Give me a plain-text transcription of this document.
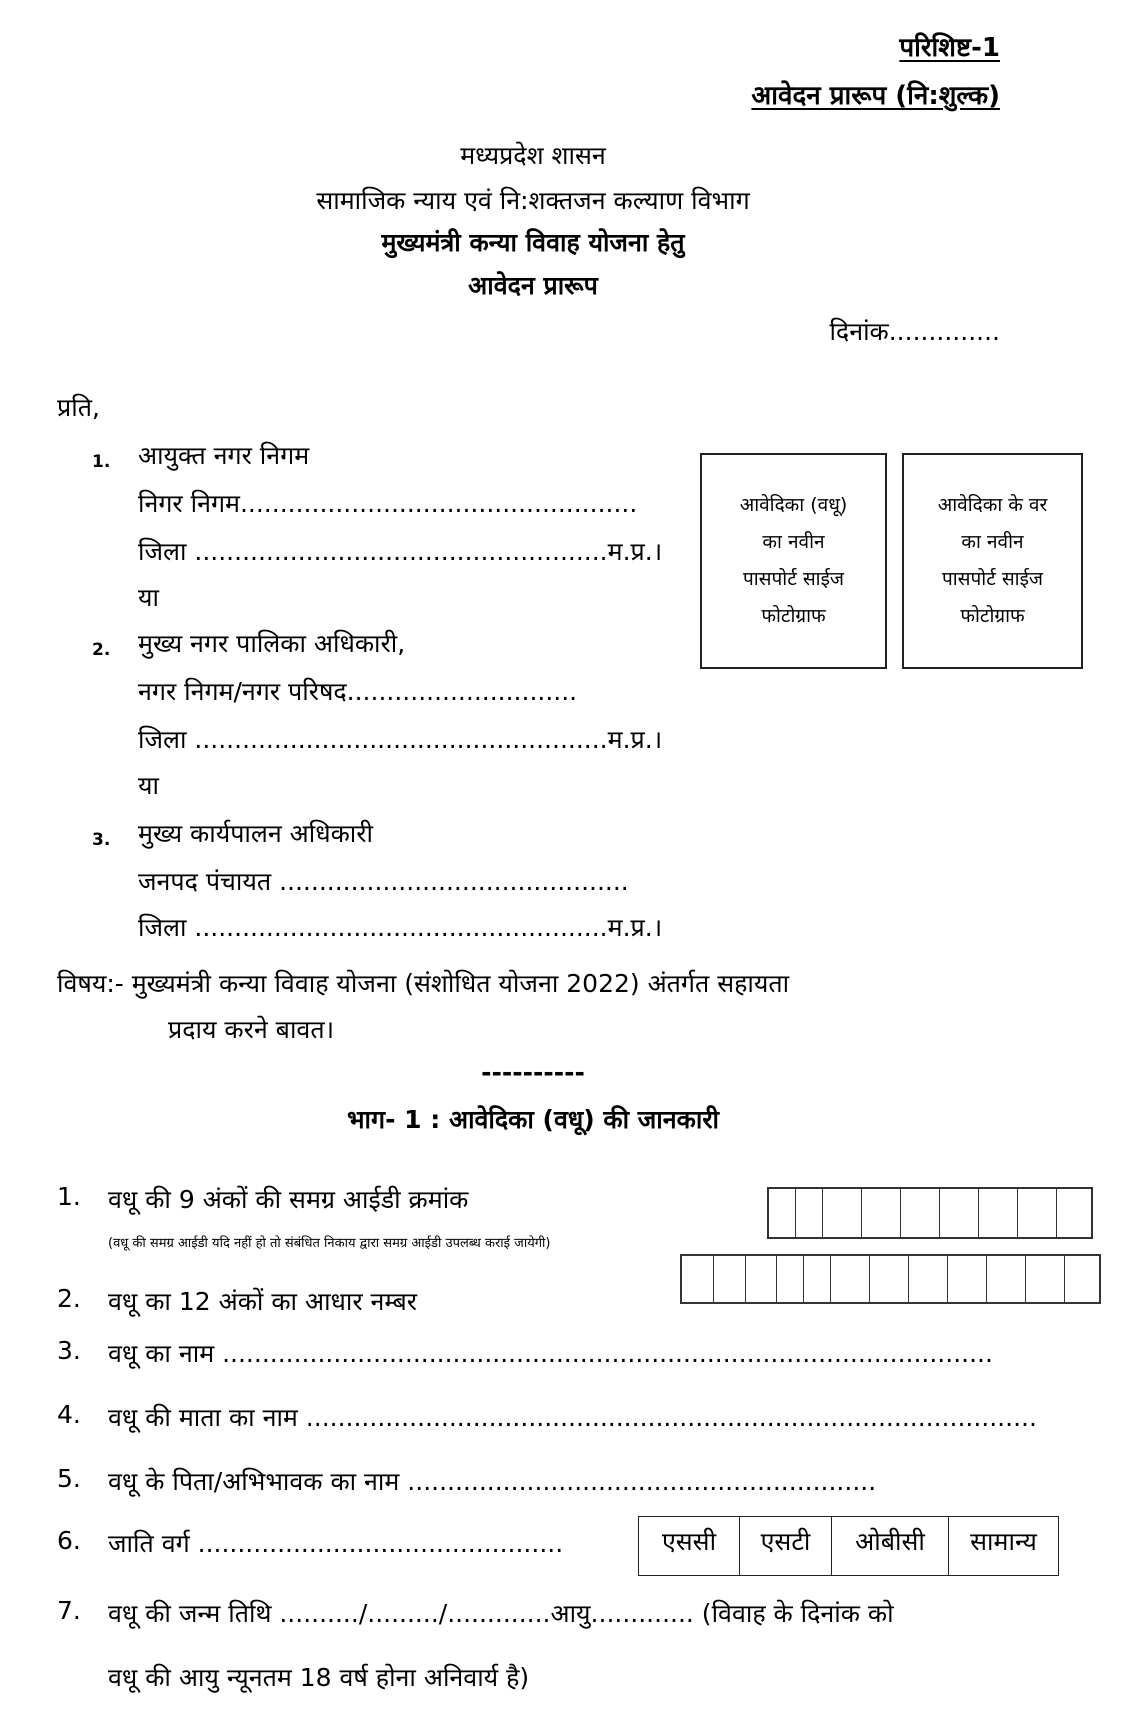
परिशिष्ट-1
आवेदन प्रारूप (नि:शुल्क)
मध्यप्रदेश शासन
सामाजिक न्याय एवं नि:शक्तजन कल्याण विभाग
मुख्यमंत्री कन्या विवाह योजना हेतु
आवेदन प्रारूप
दिनांक..............
प्रति,
1. आयुक्त नगर निगम
निगर निगम..................................................
जिला ....................................................म.प्र.।
या
2. मुख्य नगर पालिका अधिकारी,
नगर निगम/नगर परिषद.............................
जिला ....................................................म.प्र.।
या
3. मुख्य कार्यपालन अधिकारी
जनपद पंचायत ............................................
जिला ....................................................म.प्र.।
आवेदिका (वधू)
का नवीन
पासपोर्ट साईज
फोटोग्राफ
आवेदिका के वर
का नवीन
पासपोर्ट साईज
फोटोग्राफ
विषय:- मुख्यमंत्री कन्या विवाह योजना (संशोधित योजना 2022) अंतर्गत सहायता
प्रदाय करने बावत।
----------
भाग- 1 : आवेदिका (वधू) की जानकारी
1. वधू की 9 अंकों की समग्र आईडी क्रमांक
(वधू की समग्र आईडी यदि नहीं हो तो संबंधित निकाय द्वारा समग्र आईडी उपलब्ध कराई जायेगी)
2. वधू का 12 अंकों का आधार नम्बर
3. वधू का नाम .................................................................................................
4. वधू की माता का नाम ............................................................................................
5. वधू के पिता/अभिभावक का नाम ...........................................................
6. जाति वर्ग ..............................................	एससी	एसटी	ओबीसी	सामान्य
7. वधू की जन्म तिथि ........../........./.............आयु............. (विवाह के दिनांक को
वधू की आयु न्यूनतम 18 वर्ष होना अनिवार्य है)
